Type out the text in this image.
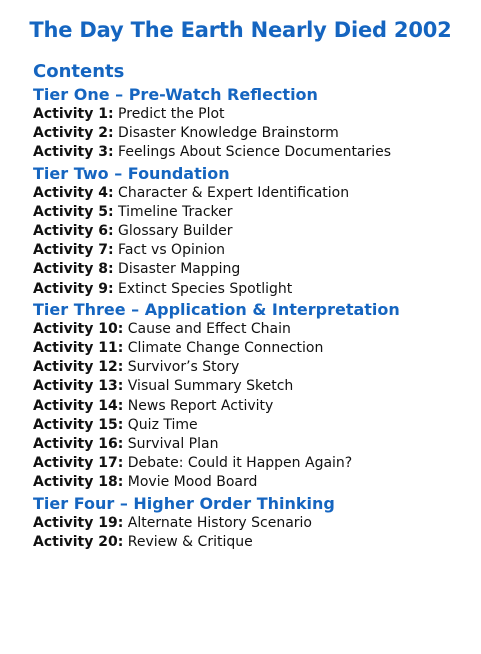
The Day The Earth Nearly Died 2002
Contents
Tier One – Pre-Watch Reflection
Activity 1: Predict the Plot
Activity 2: Disaster Knowledge Brainstorm
Activity 3: Feelings About Science Documentaries
Tier Two – Foundation
Activity 4: Character & Expert Identification
Activity 5: Timeline Tracker
Activity 6: Glossary Builder
Activity 7: Fact vs Opinion
Activity 8: Disaster Mapping
Activity 9: Extinct Species Spotlight
Tier Three – Application & Interpretation
Activity 10: Cause and Effect Chain
Activity 11: Climate Change Connection
Activity 12: Survivor’s Story
Activity 13: Visual Summary Sketch
Activity 14: News Report Activity
Activity 15: Quiz Time
Activity 16: Survival Plan
Activity 17: Debate: Could it Happen Again?
Activity 18: Movie Mood Board
Tier Four – Higher Order Thinking
Activity 19: Alternate History Scenario
Activity 20: Review & Critique
